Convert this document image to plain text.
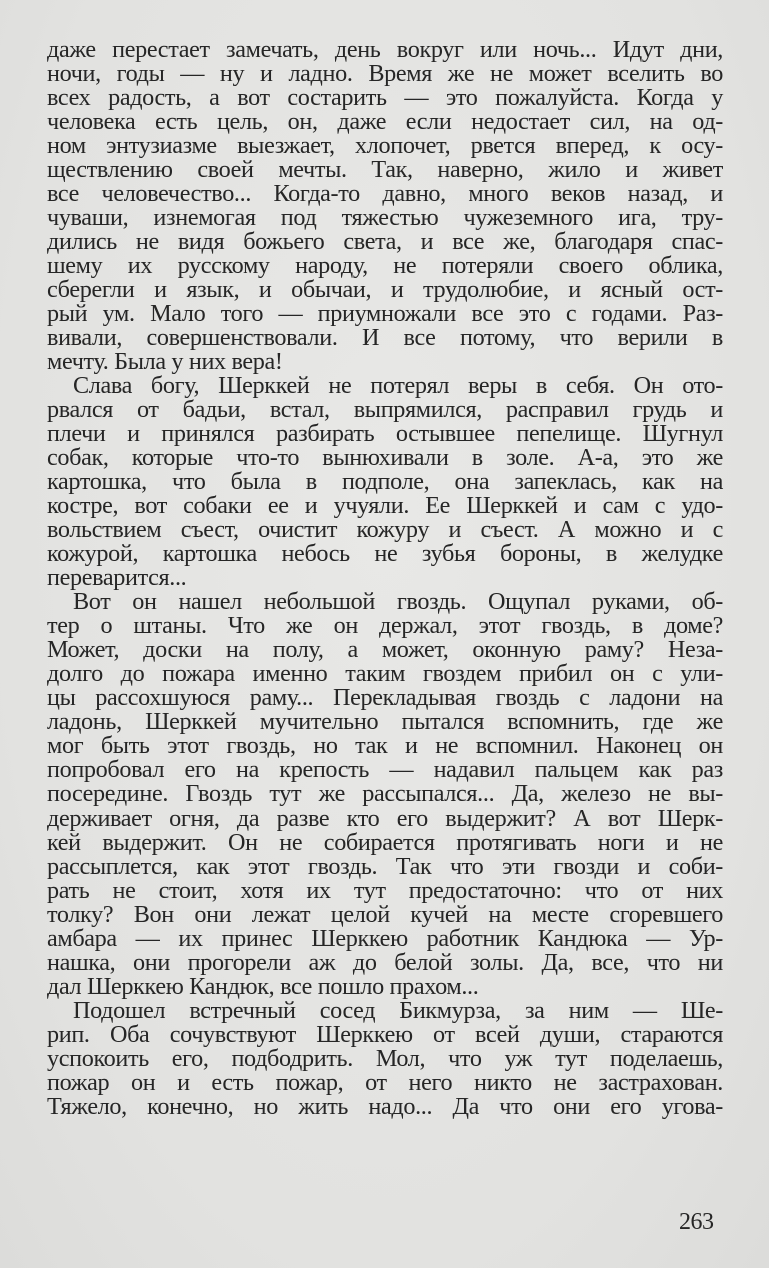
даже перестает замечать, день вокруг или ночь... Идут дни,
ночи, годы — ну и ладно. Время же не может вселить во
всех радость, а вот состарить — это пожалуйста. Когда у
человека есть цель, он, даже если недостает сил, на од-
ном энтузиазме выезжает, хлопочет, рвется вперед, к осу-
ществлению своей мечты. Так, наверно, жило и живет
все человечество... Когда-то давно, много веков назад, и
чуваши, изнемогая под тяжестью чужеземного ига, тру-
дились не видя божьего света, и все же, благодаря спас-
шему их русскому народу, не потеряли своего облика,
сберегли и язык, и обычаи, и трудолюбие, и ясный ост-
рый ум. Мало того — приумножали все это с годами. Раз-
вивали, совершенствовали. И все потому, что верили в
мечту. Была у них вера!
Слава богу, Шерккей не потерял веры в себя. Он ото-
рвался от бадьи, встал, выпрямился, расправил грудь и
плечи и принялся разбирать остывшее пепелище. Шугнул
собак, которые что-то вынюхивали в золе. А-а, это же
картошка, что была в подполе, она запеклась, как на
костре, вот собаки ее и учуяли. Ее Шерккей и сам с удо-
вольствием съест, очистит кожуру и съест. А можно и с
кожурой, картошка небось не зубья бороны, в желудке
переварится...
Вот он нашел небольшой гвоздь. Ощупал руками, об-
тер о штаны. Что же он держал, этот гвоздь, в доме?
Может, доски на полу, а может, оконную раму? Неза-
долго до пожара именно таким гвоздем прибил он с ули-
цы рассохшуюся раму... Перекладывая гвоздь с ладони на
ладонь, Шерккей мучительно пытался вспомнить, где же
мог быть этот гвоздь, но так и не вспомнил. Наконец он
попробовал его на крепость — надавил пальцем как раз
посередине. Гвоздь тут же рассыпался... Да, железо не вы-
держивает огня, да разве кто его выдержит? А вот Шерк-
кей выдержит. Он не собирается протягивать ноги и не
рассыплется, как этот гвоздь. Так что эти гвозди и соби-
рать не стоит, хотя их тут предостаточно: что от них
толку? Вон они лежат целой кучей на месте сгоревшего
амбара — их принес Шерккею работник Кандюка — Ур-
нашка, они прогорели аж до белой золы. Да, все, что ни
дал Шерккею Кандюк, все пошло прахом...
Подошел встречный сосед Бикмурза, за ним — Ше-
рип. Оба сочувствуют Шерккею от всей души, стараются
успокоить его, подбодрить. Мол, что уж тут поделаешь,
пожар он и есть пожар, от него никто не застрахован.
Тяжело, конечно, но жить надо... Да что они его угова-
263
